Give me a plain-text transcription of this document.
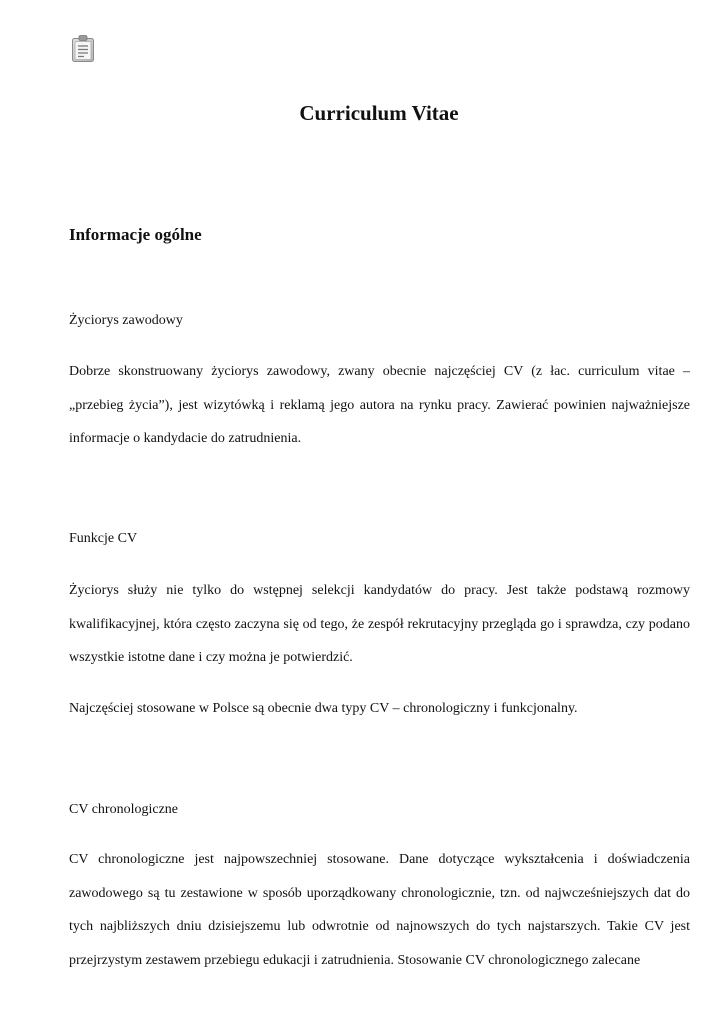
Curriculum Vitae
Informacje ogólne
Życiorys zawodowy
Dobrze skonstruowany życiorys zawodowy, zwany obecnie najczęściej CV (z łac. curriculum vitae – „przebieg życia”), jest wizytówką i reklamą jego autora na rynku pracy. Zawierać powinien najważniejsze informacje o kandydacie do zatrudnienia.
Funkcje CV
Życiorys służy nie tylko do wstępnej selekcji kandydatów do pracy. Jest także podstawą rozmowy kwalifikacyjnej, która często zaczyna się od tego, że zespół rekrutacyjny przegląda go i sprawdza, czy podano wszystkie istotne dane i czy można je potwierdzić.
Najczęściej stosowane w Polsce są obecnie dwa typy CV – chronologiczny i funkcjonalny.
CV chronologiczne
CV chronologiczne jest najpowszechniej stosowane. Dane dotyczące wykształcenia i doświadczenia zawodowego są tu zestawione w sposób uporządkowany chronologicznie, tzn. od najwcześniejszych dat do tych najbliższych dniu dzisiejszemu lub odwrotnie od najnowszych do tych najstarszych. Takie CV jest przejrzystym zestawem przebiegu edukacji i zatrudnienia. Stosowanie CV chronologicznego zalecane
